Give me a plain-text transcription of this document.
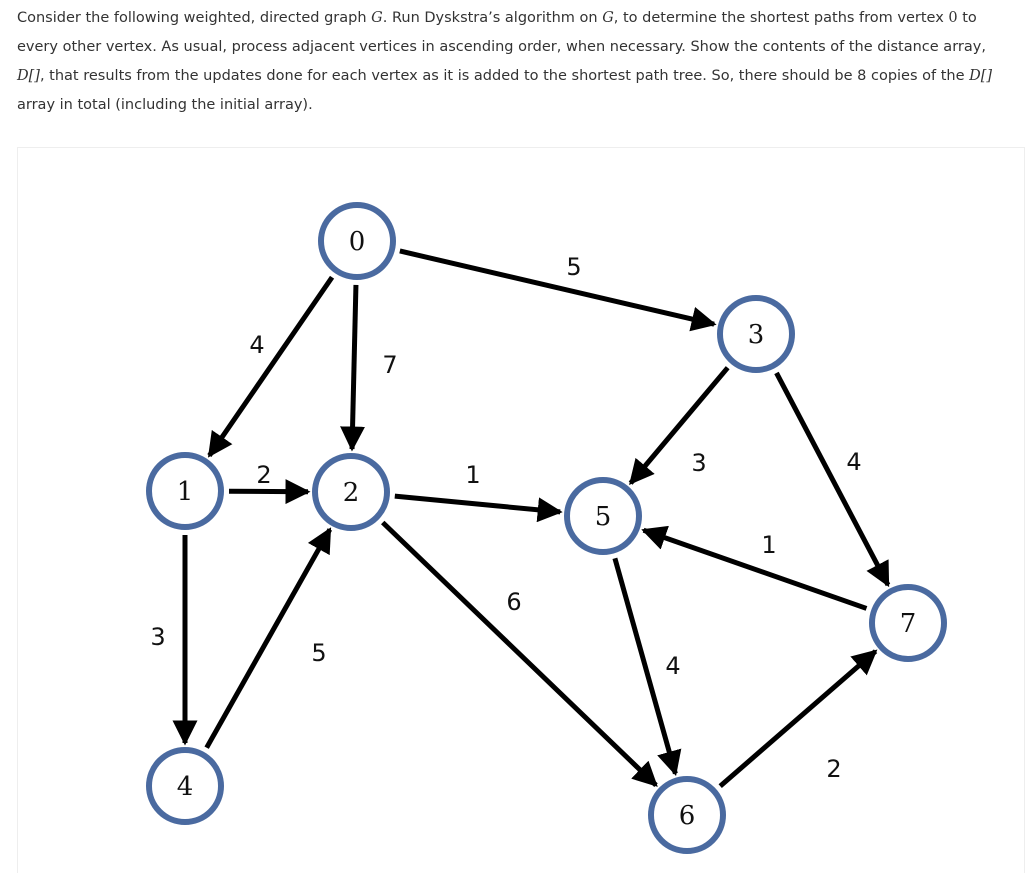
Consider the following weighted, directed graph G. Run Dyskstra’s algorithm on G, to determine the shortest paths from vertex 0 to every other vertex. As usual, process adjacent vertices in ascending order, when necessary. Show the contents of the distance array, D[], that results from the updates done for each vertex as it is added to the shortest path tree. So, there should be 8 copies of the D[] array in total (including the initial array).
4
7
5
2
3
1
6
3	4
5	4
2
1
0
1	2
3
4
5
6
7
